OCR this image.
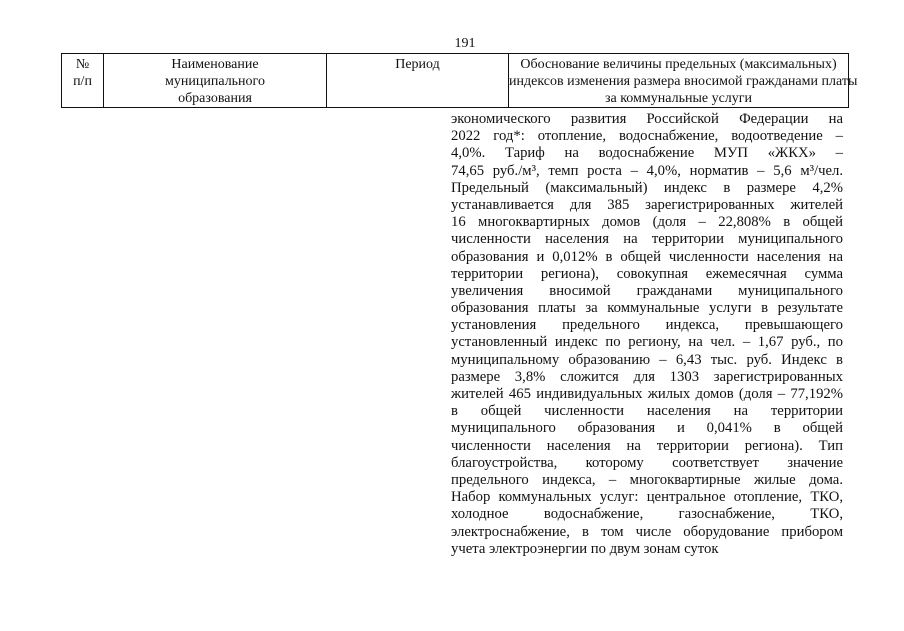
191
№
п/п
Наименование
муниципального
образования
Период	Обоснование величины предельных (максимальных)
индексов изменения размера вносимой гражданами платы
за коммунальные услуги
экономического развития Российской Федерации на
2022 год*: отопление, водоснабжение, водоотведение –
4,0%. Тариф на водоснабжение МУП «ЖКХ» –
74,65 руб./м³, темп роста – 4,0%, норматив – 5,6 м³/чел.
Предельный (максимальный) индекс в размере 4,2%
устанавливается для 385 зарегистрированных жителей
16 многоквартирных домов (доля – 22,808% в общей
численности населения на территории муниципального
образования и 0,012% в общей численности населения на
территории региона), совокупная ежемесячная сумма
увеличения вносимой гражданами муниципального
образования платы за коммунальные услуги в результате
установления предельного индекса, превышающего
установленный индекс по региону, на чел. – 1,67 руб., по
муниципальному образованию – 6,43 тыс. руб. Индекс в
размере 3,8% сложится для 1303 зарегистрированных
жителей 465 индивидуальных жилых домов (доля – 77,192%
в общей численности населения на территории
муниципального образования и 0,041% в общей
численности населения на территории региона). Тип
благоустройства, которому соответствует значение
предельного индекса, – многоквартирные жилые дома.
Набор коммунальных услуг: центральное отопление, ТКО,
холодное водоснабжение, газоснабжение, ТКО,
электроснабжение, в том числе оборудование прибором
учета электроэнергии по двум зонам суток
